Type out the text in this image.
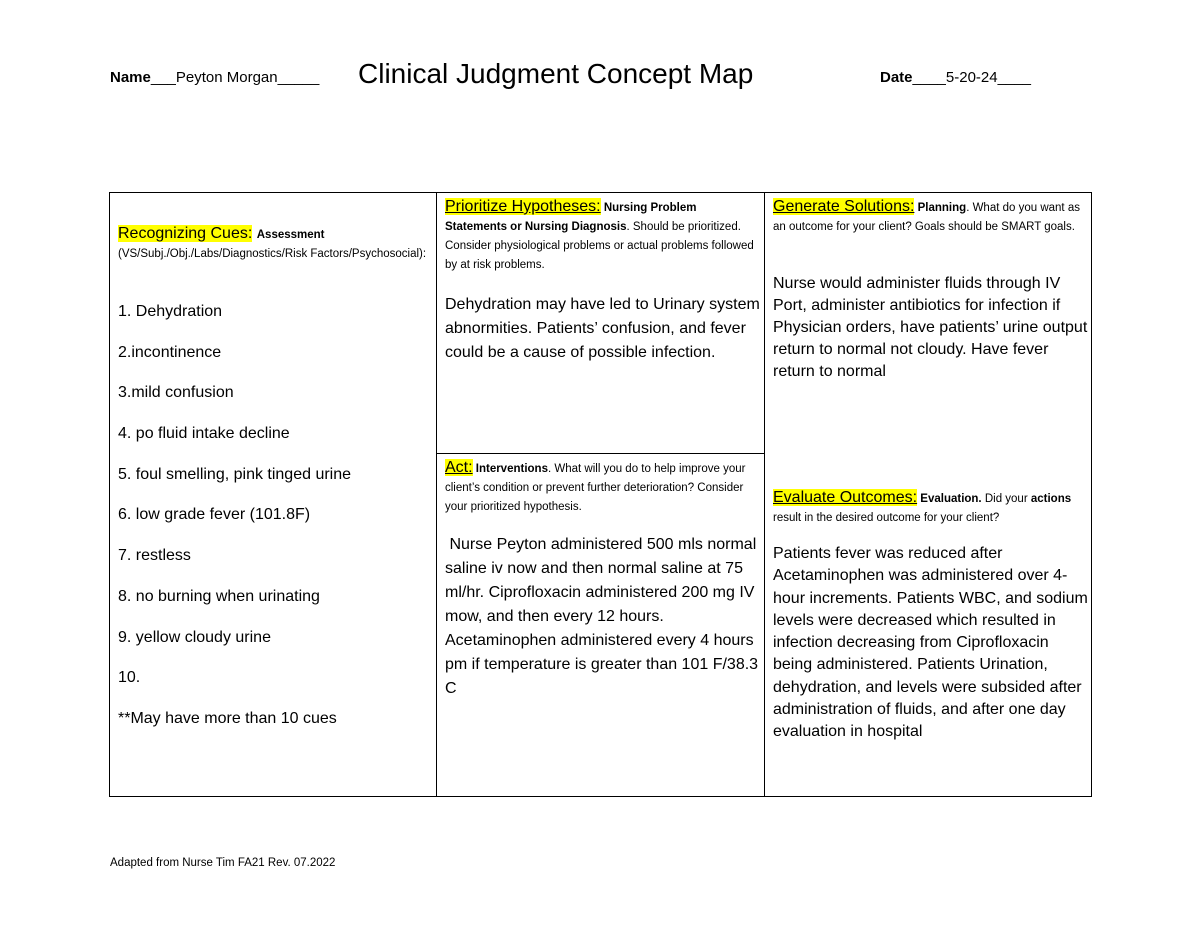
Name___Peyton Morgan_____ Clinical Judgment Concept Map	Date____5-20-24____
Recognizing Cues: Assessment
(VS/Subj./Obj./Labs/Diagnostics/Risk Factors/Psychosocial):
1. Dehydration
2.incontinence
3.mild confusion
4. po fluid intake decline
5. foul smelling, pink tinged urine
6. low grade fever (101.8F)
7. restless
8. no burning when urinating
9. yellow cloudy urine
10.
**May have more than 10 cues
Prioritize Hypotheses: Nursing Problem Statements or Nursing Diagnosis. Should be prioritized. Consider physiological problems or actual problems followed by at risk problems.
Dehydration may have led to Urinary system abnormities. Patients’ confusion, and fever could be a cause of possible infection.
Act: Interventions. What will you do to help improve your client’s condition or prevent further deterioration? Consider your prioritized hypothesis.
Nurse Peyton administered 500 mls normal saline iv now and then normal saline at 75 ml/hr. Ciprofloxacin administered 200 mg IV mow, and then every 12 hours. Acetaminophen administered every 4 hours pm if temperature is greater than 101 F/38.3 C
Generate Solutions: Planning. What do you want as an outcome for your client? Goals should be SMART goals.
Nurse would administer fluids through IV Port, administer antibiotics for infection if Physician orders, have patients’ urine output return to normal not cloudy. Have fever return to normal
Evaluate Outcomes: Evaluation. Did your actions result in the desired outcome for your client?
Patients fever was reduced after Acetaminophen was administered over 4-hour increments. Patients WBC, and sodium levels were decreased which resulted in infection decreasing from Ciprofloxacin being administered. Patients Urination, dehydration, and levels were subsided after administration of fluids, and after one day evaluation in hospital
Adapted from Nurse Tim FA21 Rev. 07.2022
